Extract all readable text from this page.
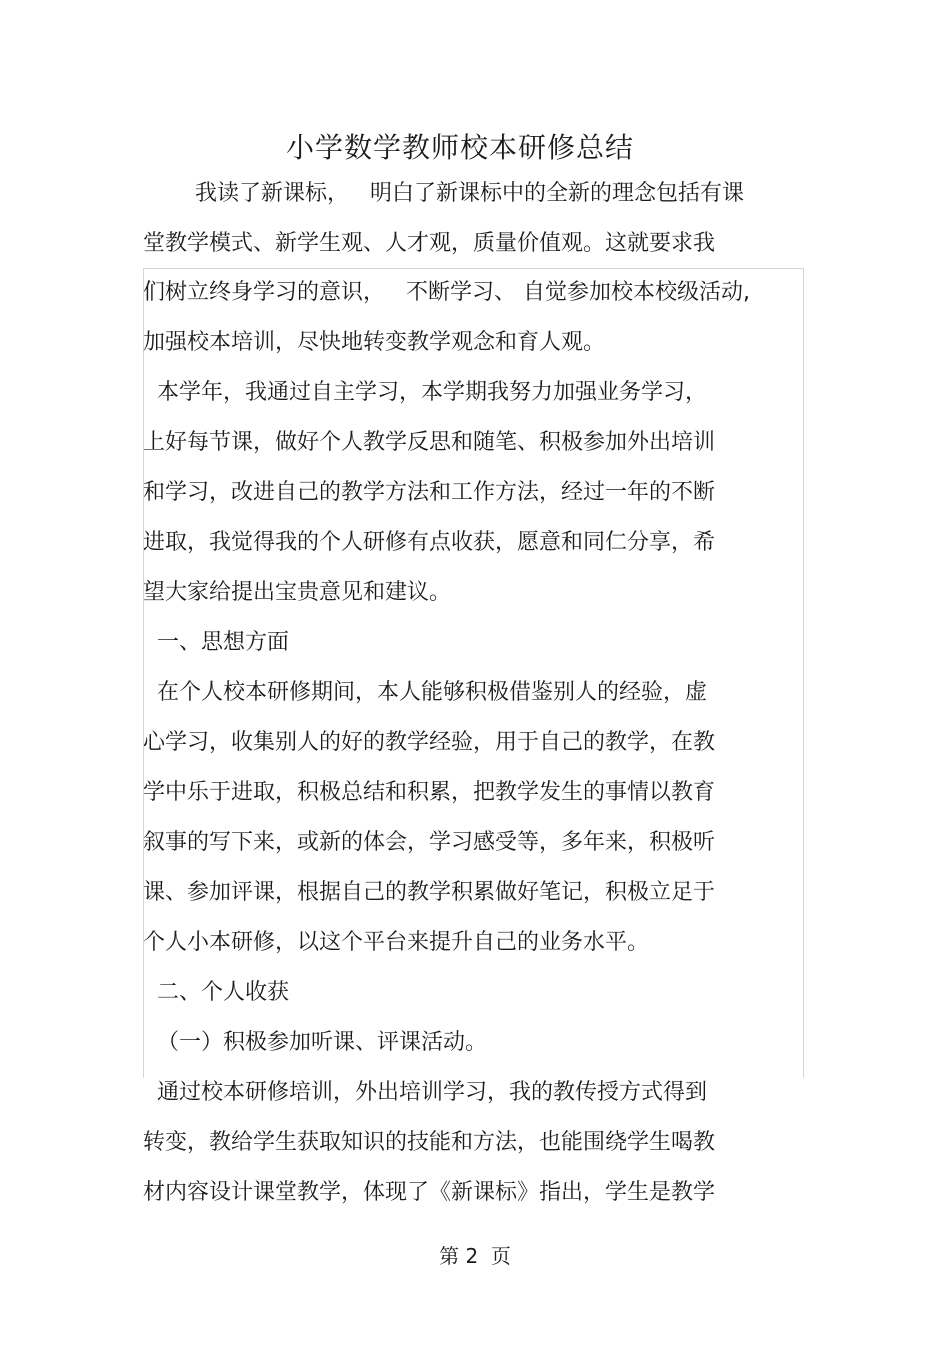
小学数学教师校本研修总结
我读了新课标，   明白了新课标中的全新的理念包括有课
堂教学模式、新学生观、人才观，质量价值观。这就要求我
们树立终身学习的意识，   不断学习、 自觉参加校本校级活动,
加强校本培训，尽快地转变教学观念和育人观。
本学年，我通过自主学习，本学期我努力加强业务学习，
上好每节课，做好个人教学反思和随笔、积极参加外出培训
和学习，改进自己的教学方法和工作方法，经过一年的不断
进取，我觉得我的个人研修有点收获，愿意和同仁分享，希
望大家给提出宝贵意见和建议。
一、思想方面
在个人校本研修期间，本人能够积极借鉴别人的经验，虚
心学习，收集别人的好的教学经验，用于自己的教学，在教
学中乐于进取，积极总结和积累，把教学发生的事情以教育
叙事的写下来，或新的体会，学习感受等，多年来，积极听
课、参加评课，根据自己的教学积累做好笔记，积极立足于
个人小本研修，以这个平台来提升自己的业务水平。
二、个人收获
（一）积极参加听课、评课活动。
通过校本研修培训，外出培训学习，我的教传授方式得到
转变，教给学生获取知识的技能和方法，也能围绕学生喝教
材内容设计课堂教学，体现了《新课标》指出，学生是教学
第 2  页
